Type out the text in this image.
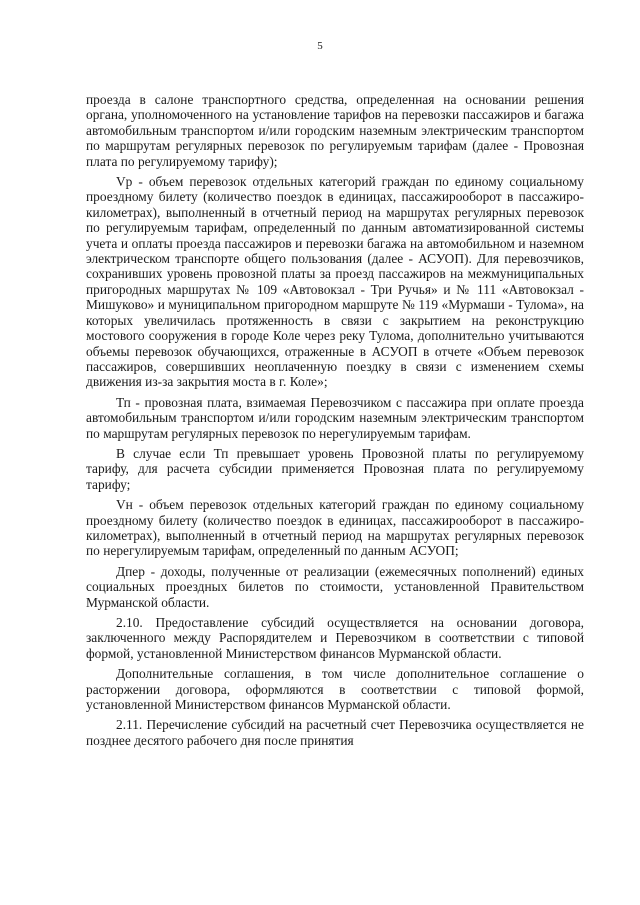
5

проезда в салоне транспортного средства, определенная на основании решения органа, уполномоченного на установление тарифов на перевозки пассажиров и багажа автомобильным транспортом и/или городским наземным электрическим транспортом по маршрутам регулярных перевозок по регулируемым тарифам (далее - Провозная плата по регулируемому тарифу);

Vр - объем перевозок отдельных категорий граждан по единому социальному проездному билету (количество поездок в единицах, пассажирооборот в пассажиро-километрах), выполненный в отчетный период на маршрутах регулярных перевозок по регулируемым тарифам, определенный по данным автоматизированной системы учета и оплаты проезда пассажиров и перевозки багажа на автомобильном и наземном электрическом транспорте общего пользования (далее - АСУОП). Для перевозчиков, сохранивших уровень провозной платы за проезд пассажиров на межмуниципальных пригородных маршрутах № 109 «Автовокзал - Три Ручья» и № 111 «Автовокзал - Мишуково» и муниципальном пригородном маршруте № 119 «Мурмаши - Тулома», на которых увеличилась протяженность в связи с закрытием на реконструкцию мостового сооружения в городе Коле через реку Тулома, дополнительно учитываются объемы перевозок обучающихся, отраженные в АСУОП в отчете «Объем перевозок пассажиров, совершивших неоплаченную поездку в связи с изменением схемы движения из-за закрытия моста в г. Коле»;

Тп - провозная плата, взимаемая Перевозчиком с пассажира при оплате проезда автомобильным транспортом и/или городским наземным электрическим транспортом по маршрутам регулярных перевозок по нерегулируемым тарифам.

В случае если Тп превышает уровень Провозной платы по регулируемому тарифу, для расчета субсидии применяется Провозная плата по регулируемому тарифу;

Vн - объем перевозок отдельных категорий граждан по единому социальному проездному билету (количество поездок в единицах, пассажирооборот в пассажиро-километрах), выполненный в отчетный период на маршрутах регулярных перевозок по нерегулируемым тарифам, определенный по данным АСУОП;

Дпер - доходы, полученные от реализации (ежемесячных пополнений) единых социальных проездных билетов по стоимости, установленной Правительством Мурманской области.

2.10. Предоставление субсидий осуществляется на основании договора, заключенного между Распорядителем и Перевозчиком в соответствии с типовой формой, установленной Министерством финансов Мурманской области.

Дополнительные соглашения, в том числе дополнительное соглашение о расторжении договора, оформляются в соответствии с типовой формой, установленной Министерством финансов Мурманской области.

2.11. Перечисление субсидий на расчетный счет Перевозчика осуществляется не позднее десятого рабочего дня после принятия
